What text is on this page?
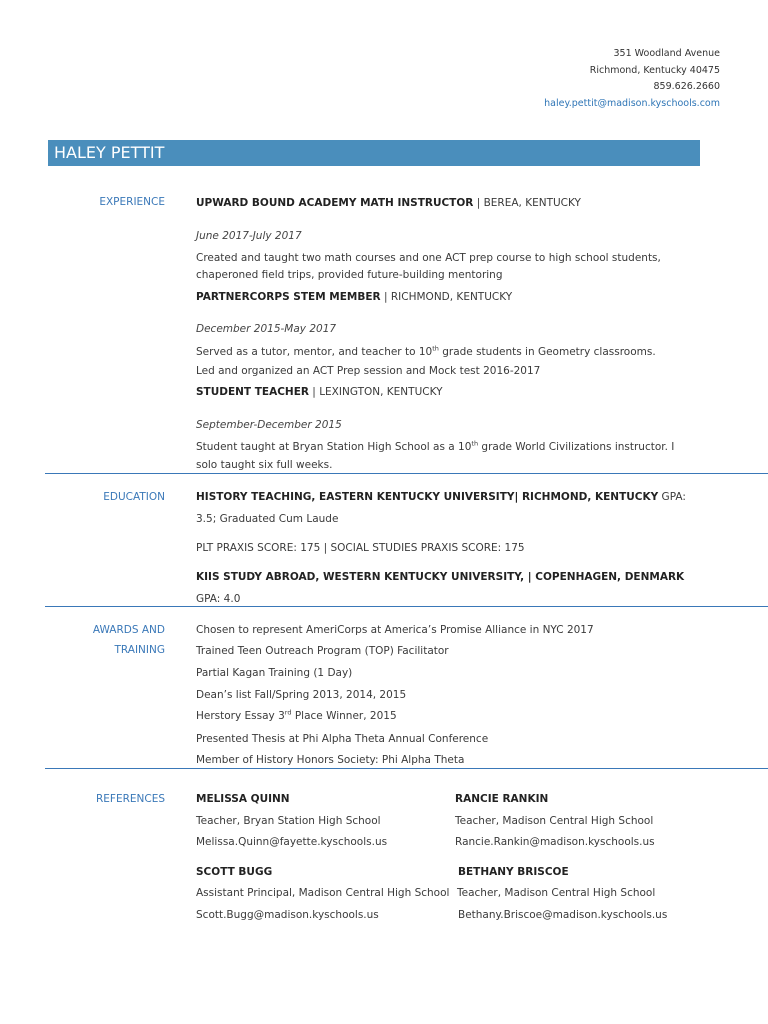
351 Woodland Avenue
Richmond, Kentucky 40475
859.626.2660
haley.pettit@madison.kyschools.com
HALEY PETTIT
EXPERIENCE	UPWARD BOUND ACADEMY MATH INSTRUCTOR | BEREA, KENTUCKY
June 2017-July 2017
Created and taught two math courses and one ACT prep course to high school students,
chaperoned field trips, provided future-building mentoring
PARTNERCORPS STEM MEMBER | RICHMOND, KENTUCKY
December 2015-May 2017
Served as a tutor, mentor, and teacher to 10th grade students in Geometry classrooms.
Led and organized an ACT Prep session and Mock test 2016-2017
STUDENT TEACHER | LEXINGTON, KENTUCKY
September-December 2015
Student taught at Bryan Station High School as a 10th grade World Civilizations instructor. I
solo taught six full weeks.
EDUCATION	HISTORY TEACHING, EASTERN KENTUCKY UNIVERSITY| RICHMOND, KENTUCKY GPA:
3.5; Graduated Cum Laude
PLT PRAXIS SCORE: 175 | SOCIAL STUDIES PRAXIS SCORE: 175
KIIS STUDY ABROAD, WESTERN KENTUCKY UNIVERSITY, | COPENHAGEN, DENMARK
GPA: 4.0
AWARDS AND
TRAINING
Chosen to represent AmeriCorps at America’s Promise Alliance in NYC 2017
Trained Teen Outreach Program (TOP) Facilitator
Partial Kagan Training (1 Day)
Dean’s list Fall/Spring 2013, 2014, 2015
Herstory Essay 3rd Place Winner, 2015
Presented Thesis at Phi Alpha Theta Annual Conference
Member of History Honors Society: Phi Alpha Theta
REFERENCES	MELISSA QUINN
Teacher, Bryan Station High School
Melissa.Quinn@fayette.kyschools.us
RANCIE RANKIN
Teacher, Madison Central High School
Rancie.Rankin@madison.kyschools.us
SCOTT BUGG
Assistant Principal, Madison Central High School
Scott.Bugg@madison.kyschools.us
BETHANY BRISCOE
Teacher, Madison Central High School
Bethany.Briscoe@madison.kyschools.us
